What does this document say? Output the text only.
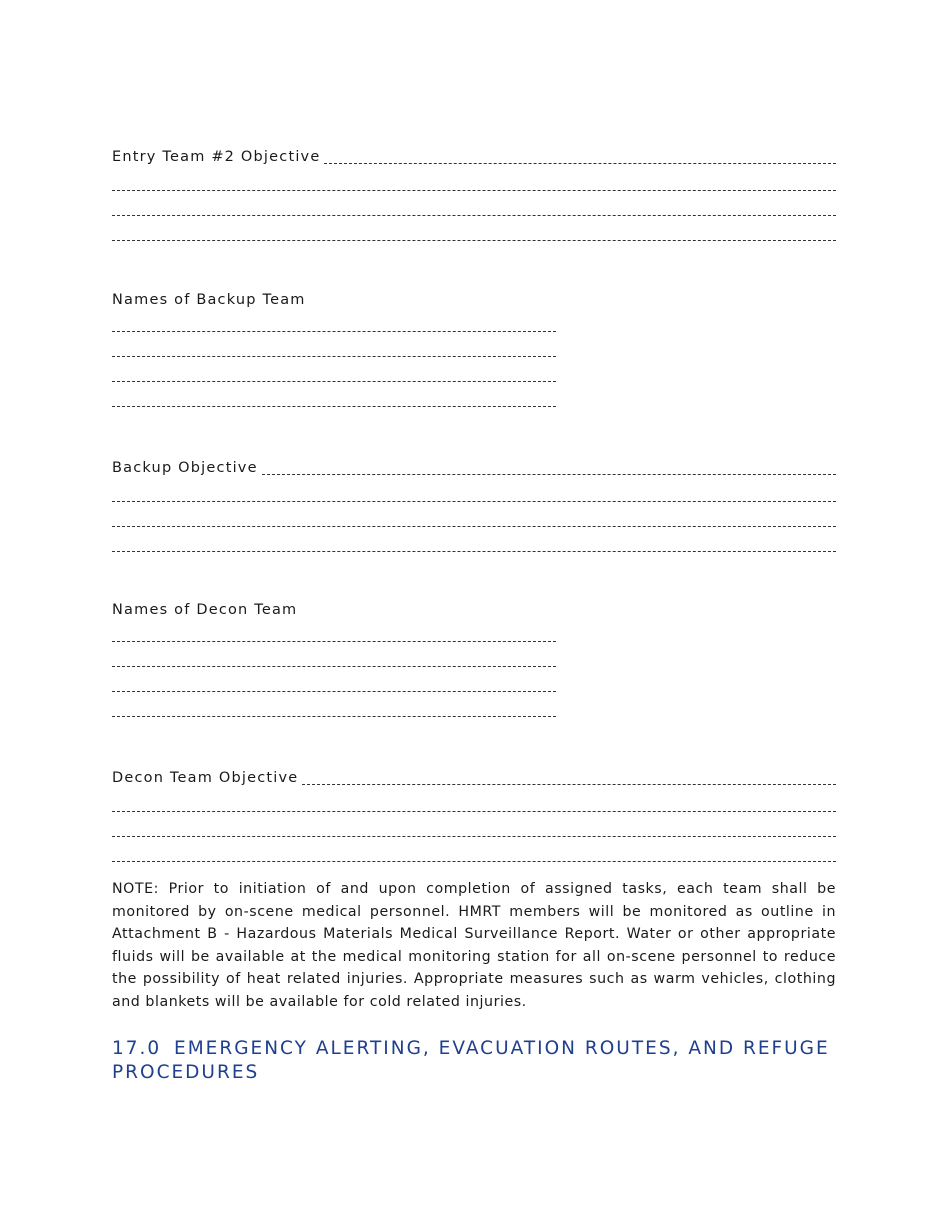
Entry Team #2 Objective
Names of Backup Team
Backup Objective
Names of Decon Team
Decon Team Objective

NOTE: Prior to initiation of and upon completion of assigned tasks, each team shall be monitored by on-scene medical personnel. HMRT members will be monitored as outline in Attachment B - Hazardous Materials Medical Surveillance Report. Water or other appropriate fluids will be available at the medical monitoring station for all on-scene personnel to reduce the possibility of heat related injuries. Appropriate measures such as warm vehicles, clothing and blankets will be available for cold related injuries.

17.0 EMERGENCY ALERTING, EVACUATION ROUTES, AND REFUGE PROCEDURES
